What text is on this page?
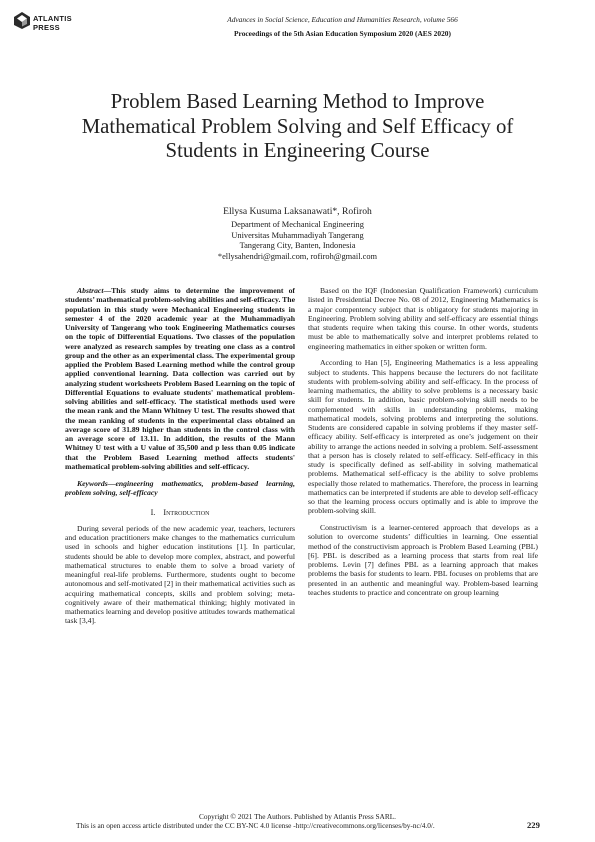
ATLANTIS
PRESS
Advances in Social Science, Education and Humanities Research, volume 566
Proceedings of the 5th Asian Education Symposium 2020 (AES 2020)
Problem Based Learning Method to Improve
Mathematical Problem Solving and Self Efficacy of
Students in Engineering Course
Ellysa Kusuma Laksanawati*, Rofiroh
Department of Mechanical Engineering
Universitas Muhammadiyah Tangerang
Tangerang City, Banten, Indonesia
*ellysahendri@gmail.com, rofiroh@gmail.com

Abstract—This study aims to determine the improvement of students’ mathematical problem-solving abilities and self-efficacy. The population in this study were Mechanical Engineering students in semester 4 of the 2020 academic year at the Muhammadiyah University of Tangerang who took Engineering Mathematics courses on the topic of Differential Equations. Two classes of the population were analyzed as research samples by treating one class as a control group and the other as an experimental class. The experimental group applied the Problem Based Learning method while the control group applied conventional learning. Data collection was carried out by analyzing student worksheets Problem Based Learning on the topic of Differential Equations to evaluate students' mathematical problem-solving abilities and self-efficacy. The statistical methods used were the mean rank and the Mann Whitney U test. The results showed that the mean ranking of students in the experimental class obtained an average score of 31.89 higher than students in the control class with an average score of 13.11. In addition, the results of the Mann Whitney U test with a U value of 35,500 and p less than 0.05 indicate that the Problem Based Learning method affects students' mathematical problem-solving abilities and self-efficacy.

Keywords—engineering mathematics, problem-based learning, problem solving, self-efficacy

I. Introduction

During several periods of the new academic year, teachers, lecturers and education practitioners make changes to the mathematics curriculum used in schools and higher education institutions [1]. In particular, students should be able to develop more complex, abstract, and powerful mathematical structures to enable them to solve a broad variety of meaningful real-life problems. Furthermore, students ought to become autonomous and self-motivated [2] in their mathematical activities such as acquiring mathematical concepts, skills and problem solving; meta-cognitively aware of their mathematical thinking; highly motivated in mathematics learning and develop positive attitudes towards mathematical task [3,4].

Based on the IQF (Indonesian Qualification Framework) curriculum listed in Presidential Decree No. 08 of 2012, Engineering Mathematics is a major compentency subject that is obligatory for students majoring in Engineering. Problem solving ability and self-efficacy are essential things that students require when taking this course. In other words, students must be able to mathematically solve and interpret problems related to engineering mathematics in either spoken or written form.

According to Han [5], Engineering Mathematics is a less appealing subject to students. This happens because the lecturers do not facilitate students with problem-solving ability and self-efficacy. In the process of learning mathematics, the ability to solve problems is a necessary basic skill for students. In addition, basic problem-solving skill needs to be complemented with skills in understanding problems, making mathematical models, solving problems and interpreting the solutions. Students are considered capable in solving problems if they master self-efficacy ability. Self-efficacy is interpreted as one’s judgement on their ability to arrange the actions needed in solving a problem. Self-assessment that a person has is closely related to self-efficacy. Self-efficacy in this study is specifically defined as self-ability in solving mathematical problems. Mathematical self-efficacy is the ability to solve problems especially those related to mathematics. Therefore, the process in learning mathematics can be interpreted if students are able to develop self-efficacy so that the learning process occurs optimally and is able to improve the problem-solving skill.

Constructivism is a learner-centered approach that develops as a solution to overcome students’ difficulties in learning. One essential method of the constructivism approach is Problem Based Learning (PBL) [6]. PBL is described as a learning process that starts from real life problems. Levin [7] defines PBL as a learning approach that makes problems the basis for students to learn. PBL focuses on problems that are presented in an authentic and meaningful way. Problem-based learning teaches students to practice and concentrate on group learning

Copyright © 2021 The Authors. Published by Atlantis Press SARL.
This is an open access article distributed under the CC BY-NC 4.0 license -http://creativecommons.org/licenses/by-nc/4.0/.	229
